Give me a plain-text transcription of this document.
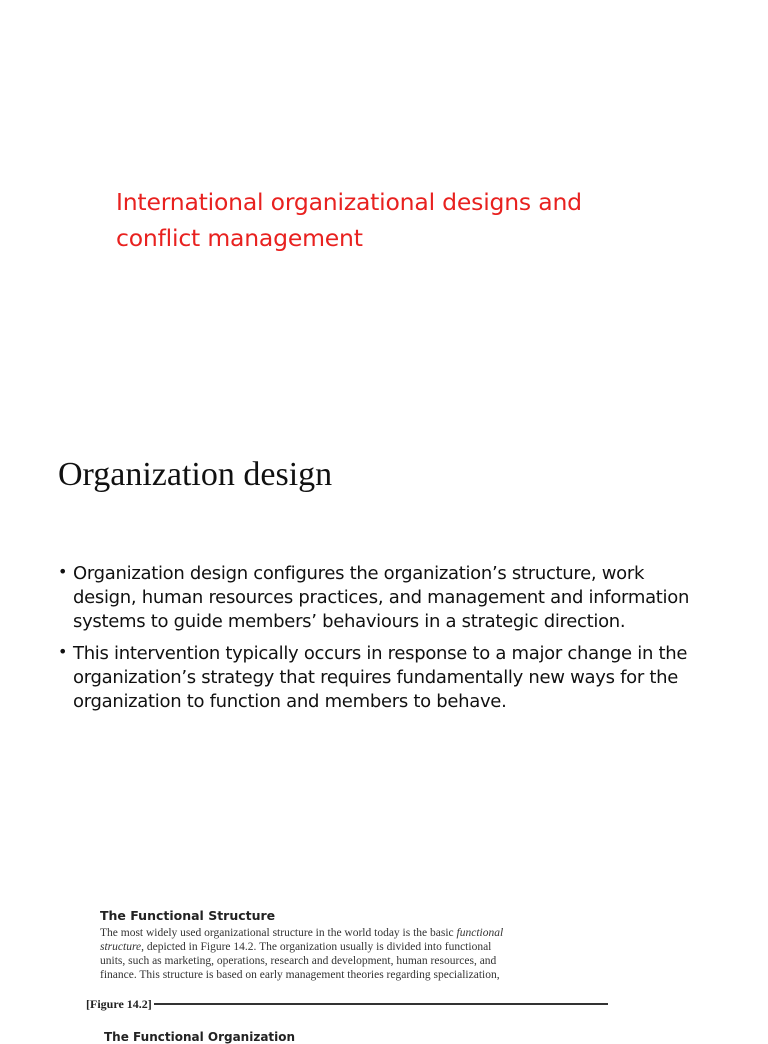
International organizational designs and
conflict management
Organization design
• Organization design configures the organization’s structure, work
design, human resources practices, and management and information
systems to guide members’ behaviours in a strategic direction.
• This intervention typically occurs in response to a major change in the
organization’s strategy that requires fundamentally new ways for the
organization to function and members to behave.
The Functional Structure
The most widely used organizational structure in the world today is the basic functional
structure, depicted in Figure 14.2. The organization usually is divided into functional
units, such as marketing, operations, research and development, human resources, and
finance. This structure is based on early management theories regarding specialization,
[Figure 14.2]
The Functional Organization
